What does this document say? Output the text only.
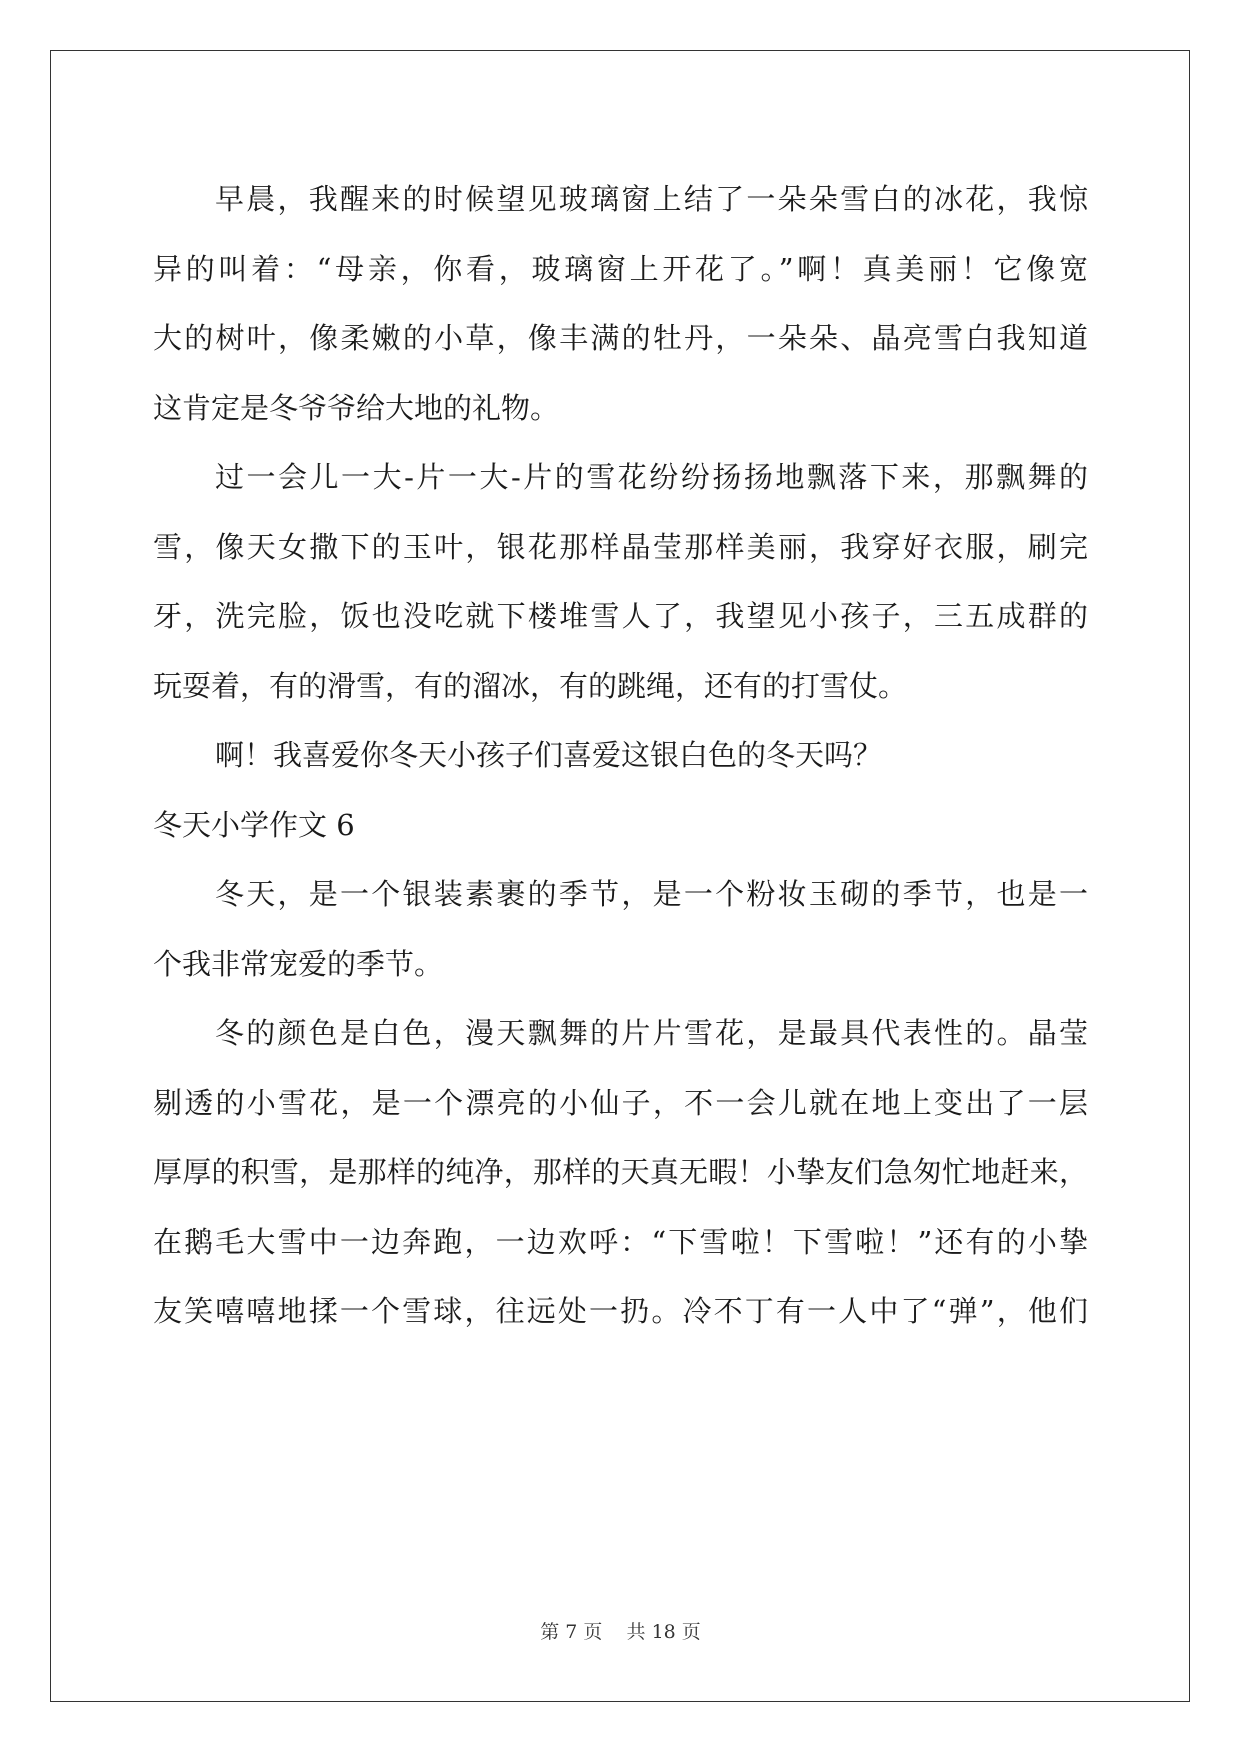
早晨，我醒来的时候望见玻璃窗上结了一朵朵雪白的冰花，我惊
异的叫着：“母亲，你看，玻璃窗上开花了。”啊！真美丽！它像宽
大的树叶，像柔嫩的小草，像丰满的牡丹，一朵朵、晶亮雪白我知道
这肯定是冬爷爷给大地的礼物。
过一会儿一大-片一大-片的雪花纷纷扬扬地飘落下来，那飘舞的
雪，像天女撒下的玉叶，银花那样晶莹那样美丽，我穿好衣服，刷完
牙，洗完脸，饭也没吃就下楼堆雪人了，我望见小孩子，三五成群的
玩耍着，有的滑雪，有的溜冰，有的跳绳，还有的打雪仗。
啊！我喜爱你冬天小孩子们喜爱这银白色的冬天吗？
冬天小学作文 6
冬天，是一个银装素裹的季节，是一个粉妆玉砌的季节，也是一
个我非常宠爱的季节。
冬的颜色是白色，漫天飘舞的片片雪花，是最具代表性的。晶莹
剔透的小雪花，是一个漂亮的小仙子，不一会儿就在地上变出了一层
厚厚的积雪，是那样的纯净，那样的天真无暇！小挚友们急匆忙地赶来，
在鹅毛大雪中一边奔跑，一边欢呼：“下雪啦！下雪啦！”还有的小挚
友笑嘻嘻地揉一个雪球，往远处一扔。冷不丁有一人中了“弹”，他们
第 7 页    共 18 页
